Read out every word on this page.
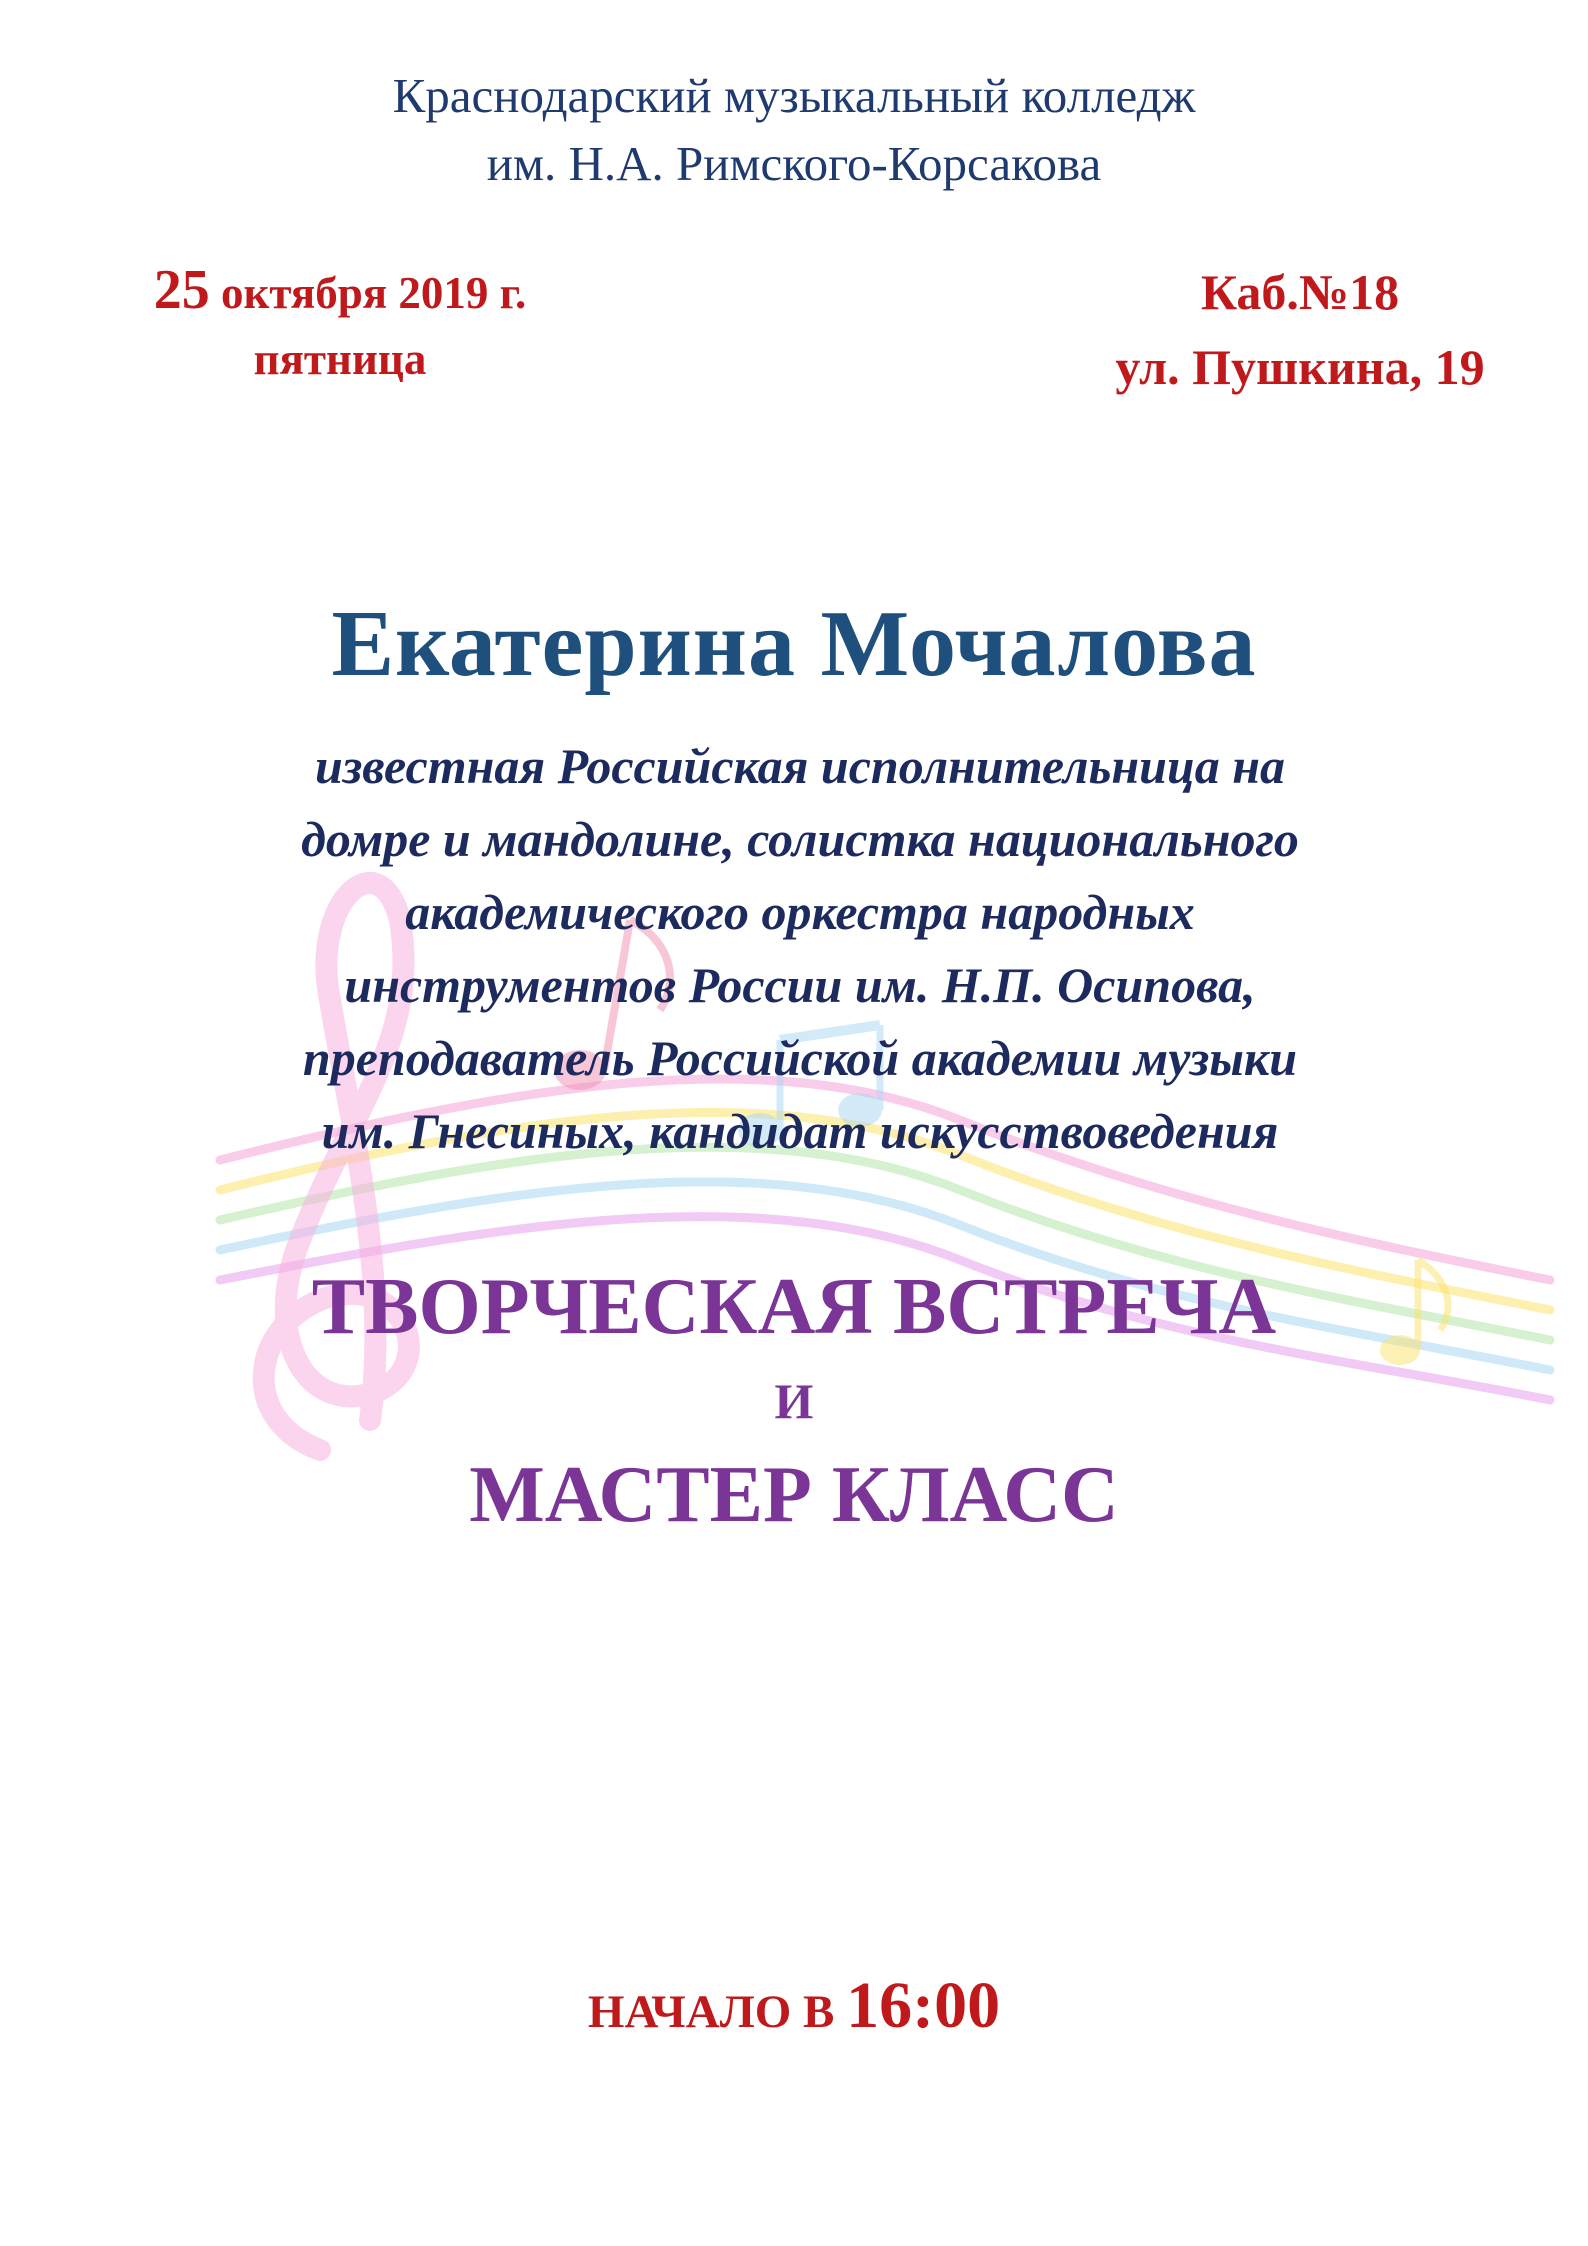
Краснодарский музыкальный колледж
им. Н.А. Римского-Корсакова
25 октября 2019 г.
пятница
Каб.№18
ул. Пушкина, 19
Екатерина Мочалова
известная Российская исполнительница на
домре и мандолине, солистка национального
академического оркестра народных
инструментов России им. Н.П. Осипова,
преподаватель Российской академии музыки
им. Гнесиных, кандидат искусствоведения
ТВОРЧЕСКАЯ ВСТРЕЧА
И
МАСТЕР КЛАСС
НАЧАЛО В 16:00
